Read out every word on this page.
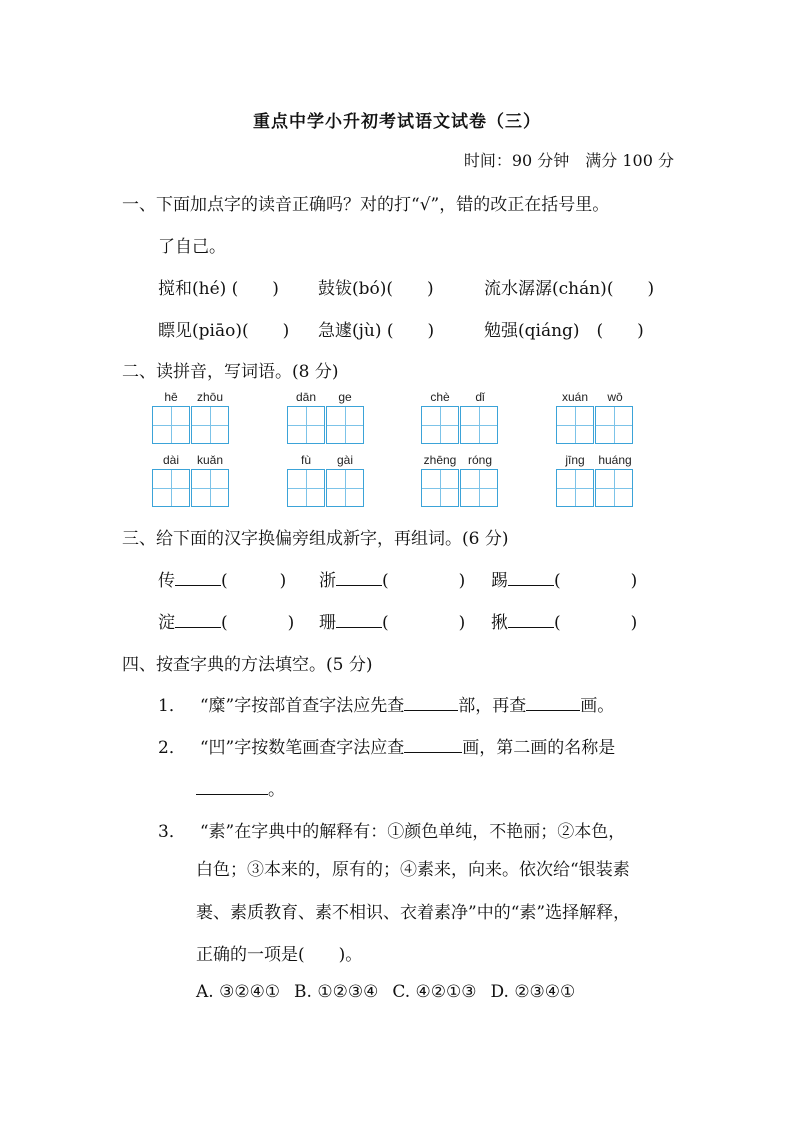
重点中学小升初考试语文试卷（三）
时间：90 分钟　满分 100 分
一、下面加点字的读音正确吗？对的打“√”，错的改正在括号里。
了自己。
搅和(hé) (　　) 鼓钹(bó)(　　)	流水潺潺(chán)(　　)
瞟见(piāo)(　　) 急遽(jù) (　　)	勉强(qiáng)　(　　)
二、读拼音，写词语。(8 分)
hē	zhōu	dān	ge	chè	dǐ	xuán	wō
dài	kuǎn	fù	gài	zhēng róng	jīng	huáng
三、给下面的汉字换偏旁组成新字，再组词。(6 分)
传	(	) 浙	(	) 踢	(	)
淀	(	) 珊	(	) 揪	(	)
四、按查字典的方法填空。(5 分)
1． “糜”字按部首查字法应先查	部，再查	画。
2． “凹”字按数笔画查字法应查	画，第二画的名称是
。
3． “素”在字典中的解释有：①颜色单纯，不艳丽；②本色，
白色；③本来的，原有的；④素来，向来。依次给“银装素
裹、素质教育、素不相识、衣着素净”中的“素”选择解释，
正确的一项是(　　)。
A. ③②④① B. ①②③④ C. ④②①③ D. ②③④①
